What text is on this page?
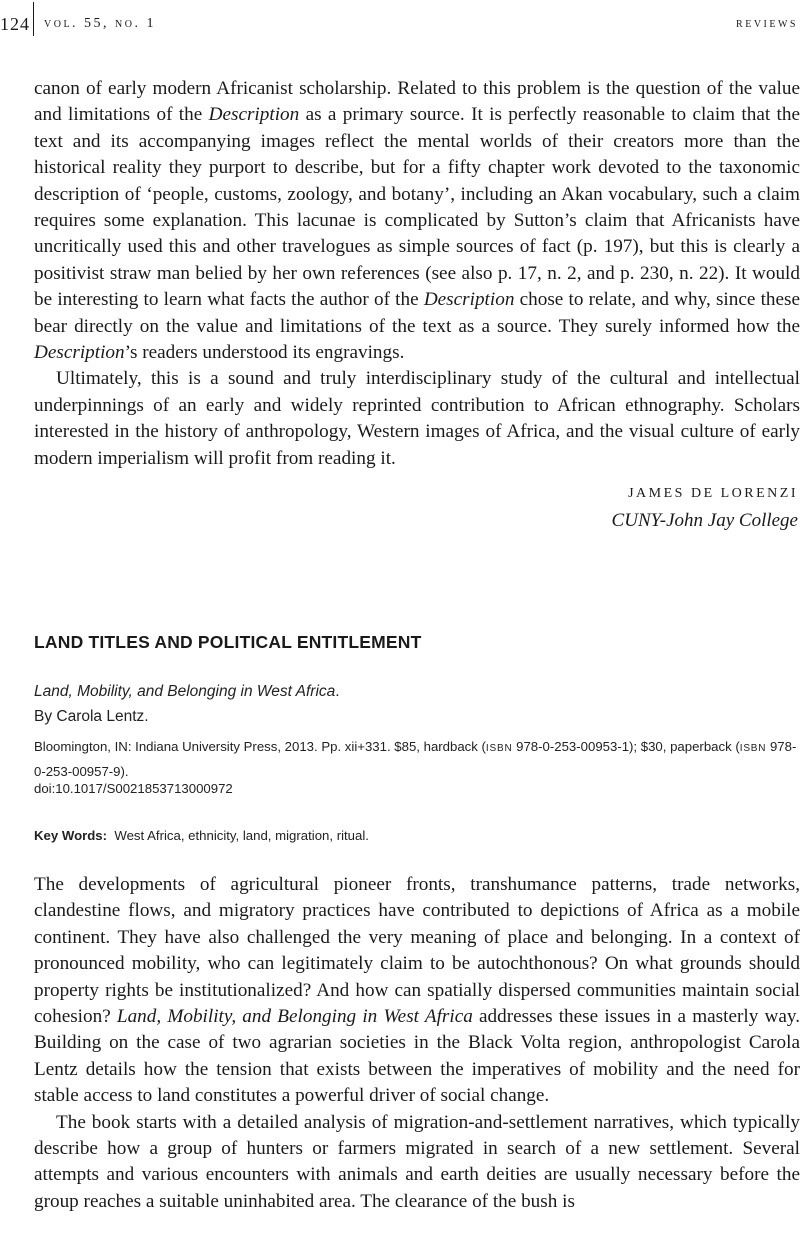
124 vol. 55, no. 1	reviews

canon of early modern Africanist scholarship. Related to this problem is the question of the value and limitations of the Description as a primary source. It is perfectly reasonable to claim that the text and its accompanying images reflect the mental worlds of their creators more than the historical reality they purport to describe, but for a fifty chapter work devoted to the taxonomic description of ‘people, customs, zoology, and botany’, including an Akan vocabulary, such a claim requires some explanation. This lacunae is complicated by Sutton’s claim that Africanists have uncritically used this and other travelogues as simple sources of fact (p. 197), but this is clearly a positivist straw man belied by her own references (see also p. 17, n. 2, and p. 230, n. 22). It would be interesting to learn what facts the author of the Description chose to relate, and why, since these bear directly on the value and limitations of the text as a source. They surely informed how the Description’s readers understood its engravings.

Ultimately, this is a sound and truly interdisciplinary study of the cultural and intellectual underpinnings of an early and widely reprinted contribution to African ethnography. Scholars interested in the history of anthropology, Western images of Africa, and the visual culture of early modern imperialism will profit from reading it.

JAMES DE LORENZI
CUNY-John Jay College
LAND TITLES AND POLITICAL ENTITLEMENT
Land, Mobility, and Belonging in West Africa.
By Carola Lentz.
Bloomington, IN: Indiana University Press, 2013. Pp. xii+331. $85, hardback (ISBN 978-0-253-00953-1); $30, paperback (ISBN 978-0-253-00957-9).
doi:10.1017/S0021853713000972
Key Words: West Africa, ethnicity, land, migration, ritual.

The developments of agricultural pioneer fronts, transhumance patterns, trade networks, clandestine flows, and migratory practices have contributed to depictions of Africa as a mobile continent. They have also challenged the very meaning of place and belonging. In a context of pronounced mobility, who can legitimately claim to be autochthonous? On what grounds should property rights be institutionalized? And how can spatially dispersed communities maintain social cohesion? Land, Mobility, and Belonging in West Africa addresses these issues in a masterly way. Building on the case of two agrarian societies in the Black Volta region, anthropologist Carola Lentz details how the tension that exists between the imperatives of mobility and the need for stable access to land constitutes a powerful driver of social change.

The book starts with a detailed analysis of migration-and-settlement narratives, which typically describe how a group of hunters or farmers migrated in search of a new settlement. Several attempts and various encounters with animals and earth deities are usually necessary before the group reaches a suitable uninhabited area. The clearance of the bush is
